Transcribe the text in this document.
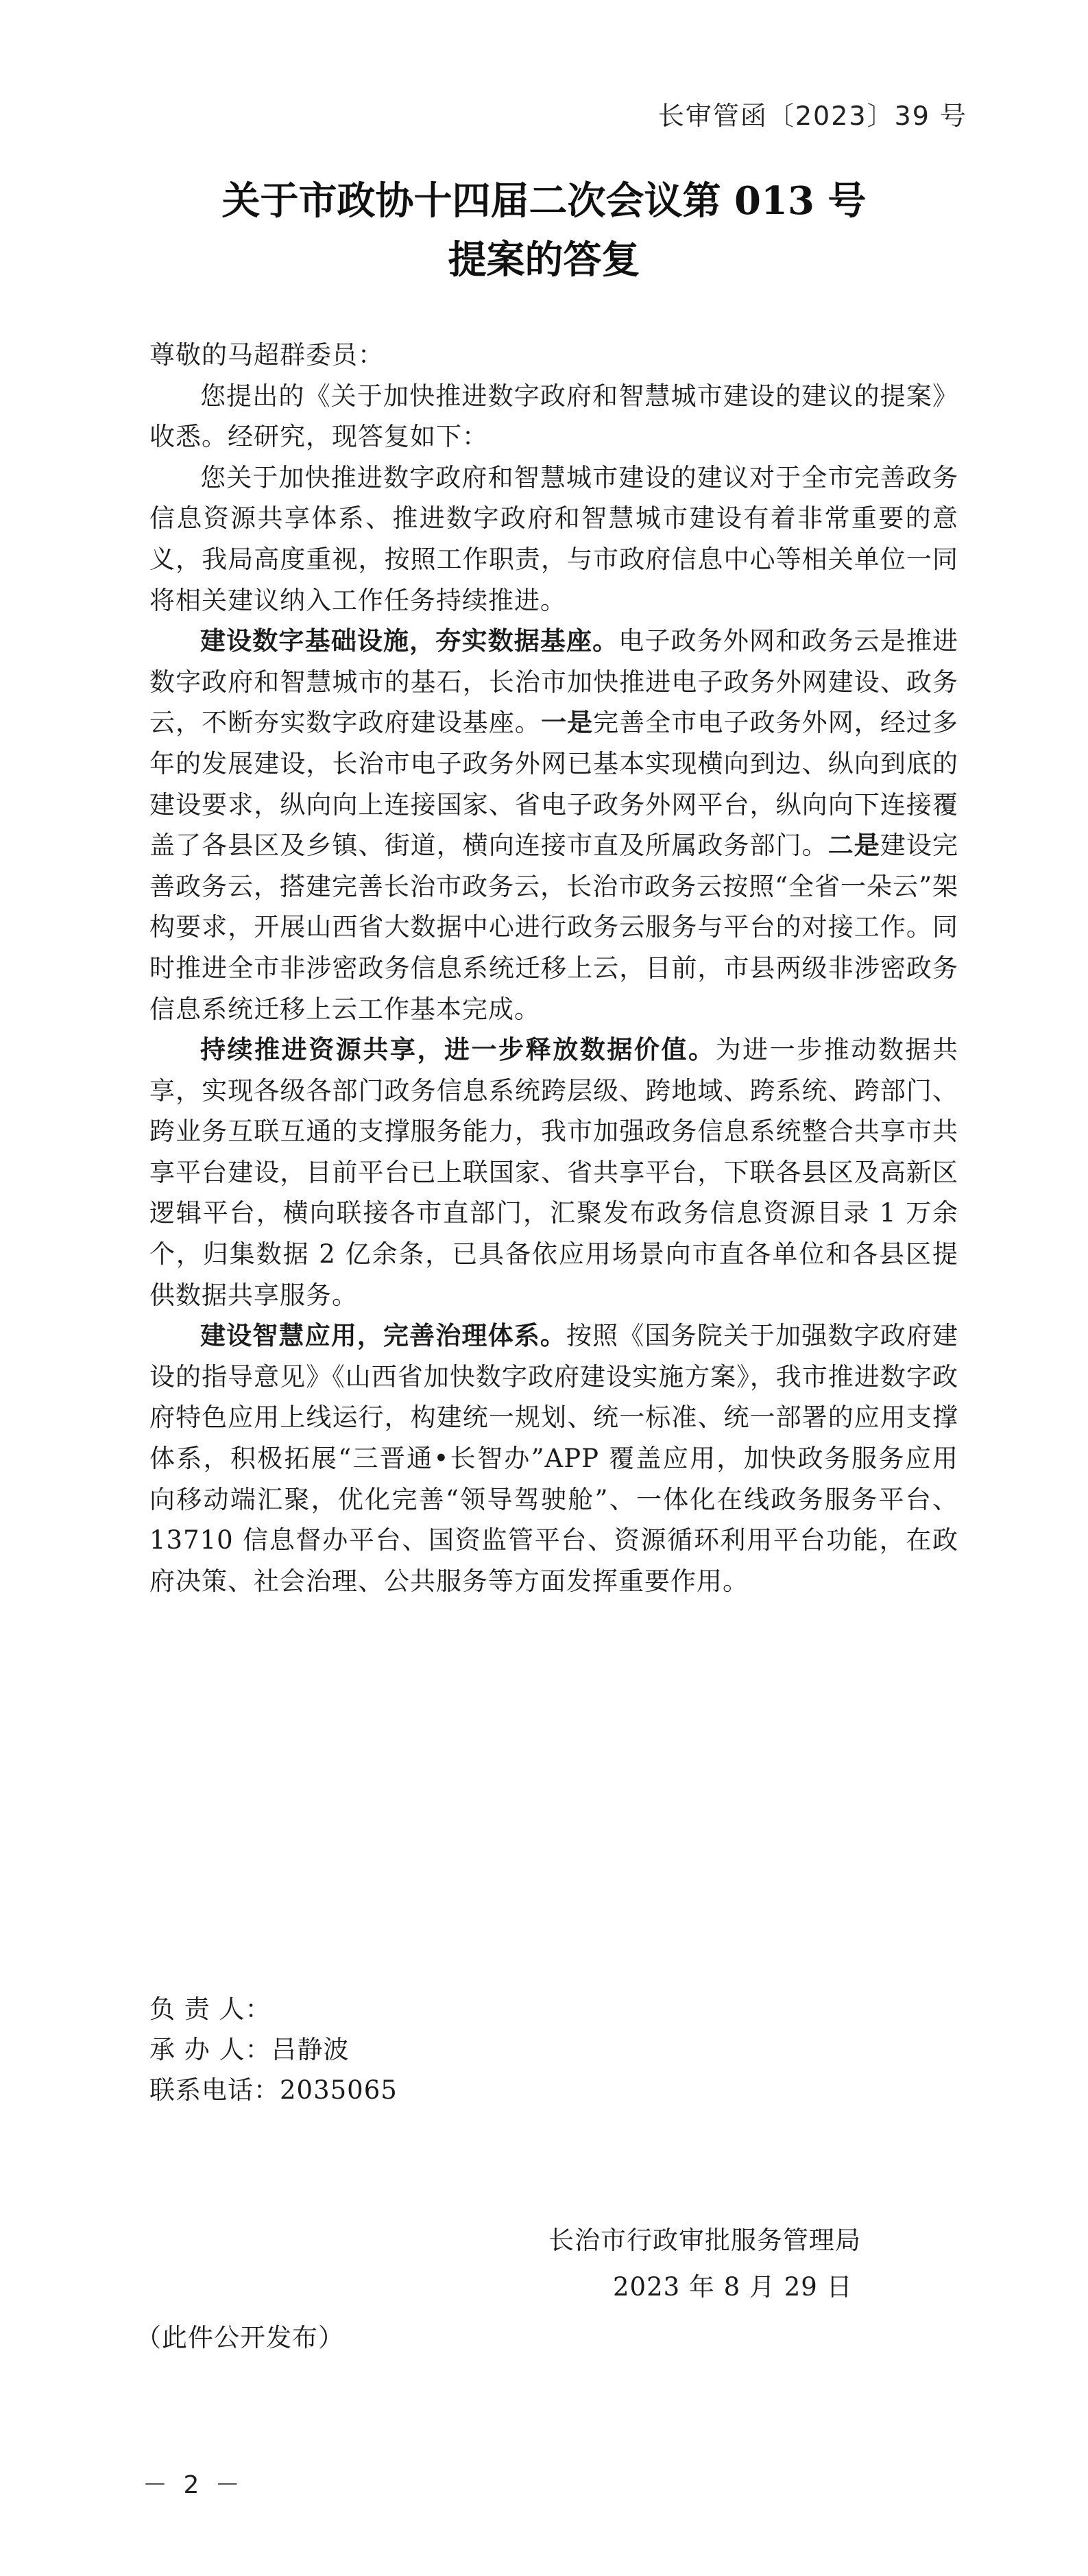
长审管函〔2023〕39 号
关于市政协十四届二次会议第 013 号
提案的答复

尊敬的马超群委员：

您提出的《关于加快推进数字政府和智慧城市建设的建议的提案》收悉。经研究，现答复如下：

您关于加快推进数字政府和智慧城市建设的建议对于全市完善政务信息资源共享体系、推进数字政府和智慧城市建设有着非常重要的意义，我局高度重视，按照工作职责，与市政府信息中心等相关单位一同将相关建议纳入工作任务持续推进。

建设数字基础设施，夯实数据基座。电子政务外网和政务云是推进数字政府和智慧城市的基石，长治市加快推进电子政务外网建设、政务云，不断夯实数字政府建设基座。一是完善全市电子政务外网，经过多年的发展建设，长治市电子政务外网已基本实现横向到边、纵向到底的建设要求，纵向向上连接国家、省电子政务外网平台，纵向向下连接覆盖了各县区及乡镇、街道，横向连接市直及所属政务部门。二是建设完善政务云，搭建完善长治市政务云，长治市政务云按照“全省一朵云”架构要求，开展山西省大数据中心进行政务云服务与平台的对接工作。同时推进全市非涉密政务信息系统迁移上云，目前，市县两级非涉密政务信息系统迁移上云工作基本完成。

持续推进资源共享，进一步释放数据价值。为进一步推动数据共享，实现各级各部门政务信息系统跨层级、跨地域、跨系统、跨部门、跨业务互联互通的支撑服务能力，我市加强政务信息系统整合共享市共享平台建设，目前平台已上联国家、省共享平台，下联各县区及高新区逻辑平台，横向联接各市直部门，汇聚发布政务信息资源目录 1 万余个，归集数据 2 亿余条，已具备依应用场景向市直各单位和各县区提供数据共享服务。

建设智慧应用，完善治理体系。按照《国务院关于加强数字政府建设的指导意见》《山西省加快数字政府建设实施方案》，我市推进数字政府特色应用上线运行，构建统一规划、统一标准、统一部署的应用支撑体系，积极拓展“三晋通•长智办”APP 覆盖应用，加快政务服务应用向移动端汇聚，优化完善“领导驾驶舱”、一体化在线政务服务平台、13710 信息督办平台、国资监管平台、资源循环利用平台功能，在政府决策、社会治理、公共服务等方面发挥重要作用。

负 责 人：
承 办 人：吕静波
联系电话：2035065
长治市行政审批服务管理局
2023 年 8 月 29 日
（此件公开发布）
－ 2 －
